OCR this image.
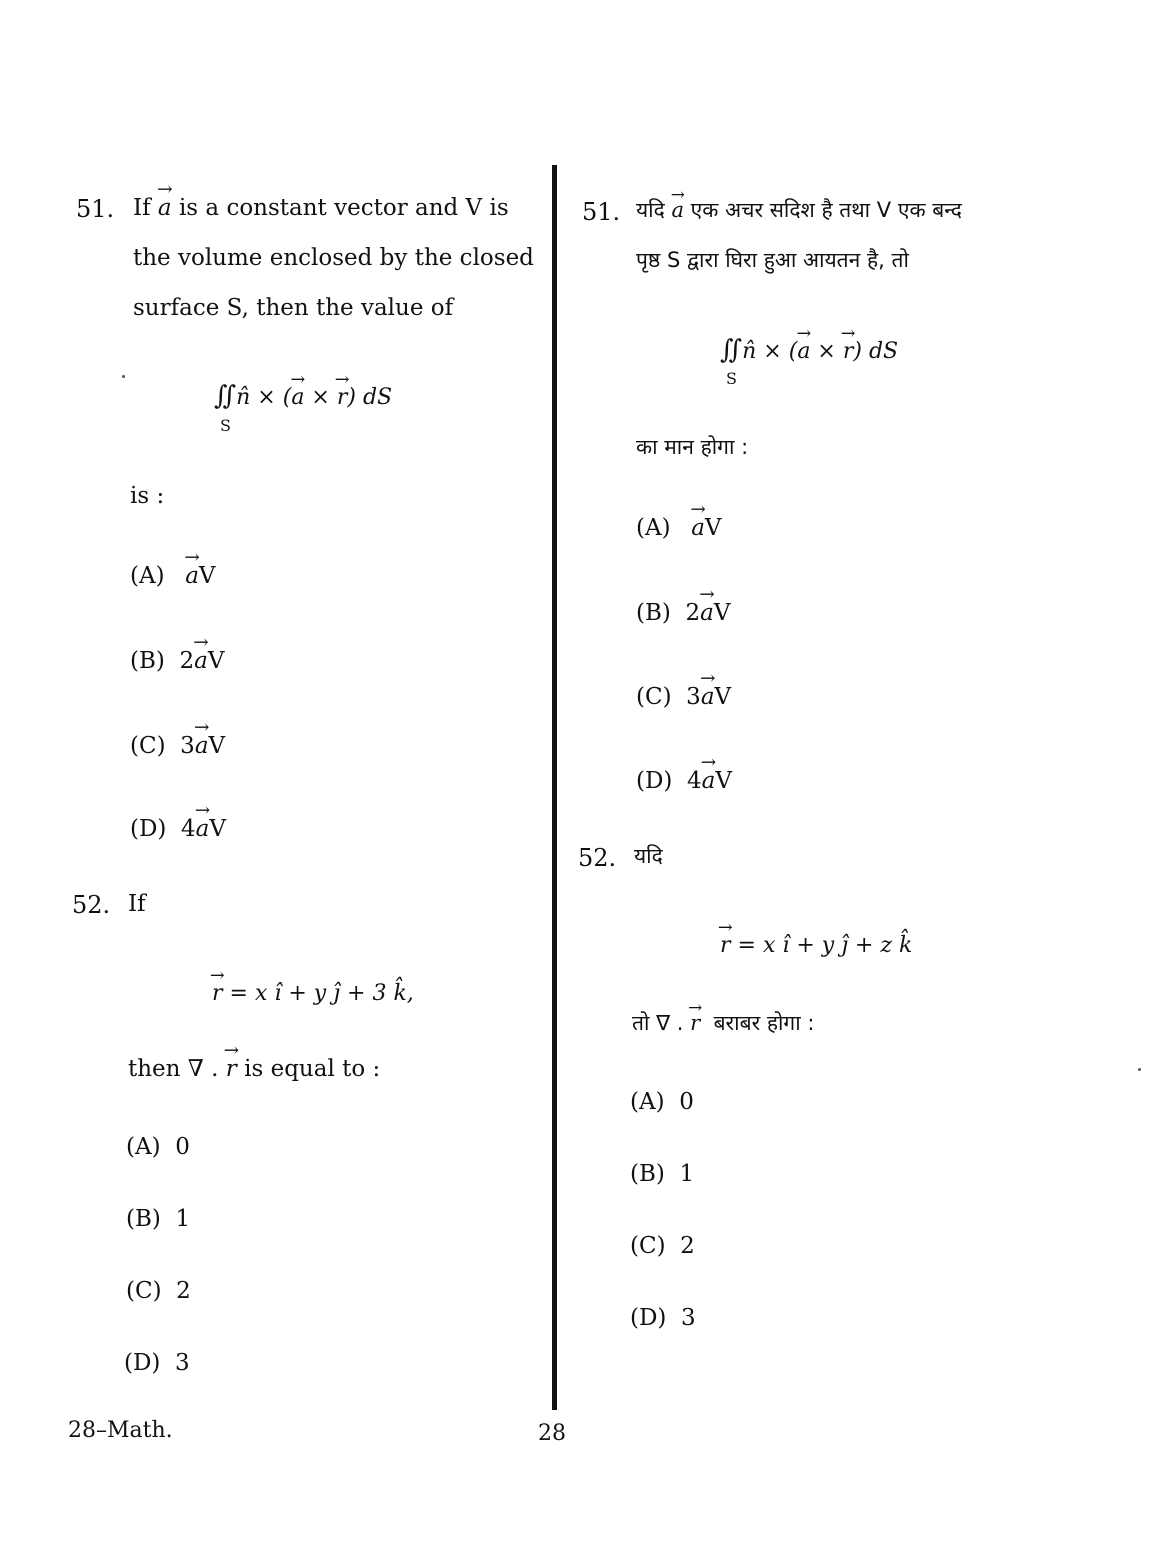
51. If → a is a constant vector and V is
the volume enclosed by the closed
surface S, then the value of
∬n̂ × (→ a × → r) dS
S
is :
(A) → aV
(B)  2→ aV
(C)  3→ aV
(D)  4→ aV
52. If
→ r = x î + y ĵ + 3 k̂,
then ∇ . → r is equal to :
(A) 0
(B) 1
(C) 2
(D) 3
51. यदि → a एक अचर सदिश है तथा V एक बन्द
पृष्ठ S द्वारा घिरा हुआ आयतन है, तो
∬n̂ × (→ a × → r) dS
S
का मान होगा :
(A) → aV
(B)  2→ aV
(C)  3→ aV
(D)  4→ aV
52. यदि
→ r = x î + y ĵ + z k̂
तो ∇ . → r  बराबर होगा :
(A) 0
(B) 1
(C) 2
(D) 3
28–Math.	28
